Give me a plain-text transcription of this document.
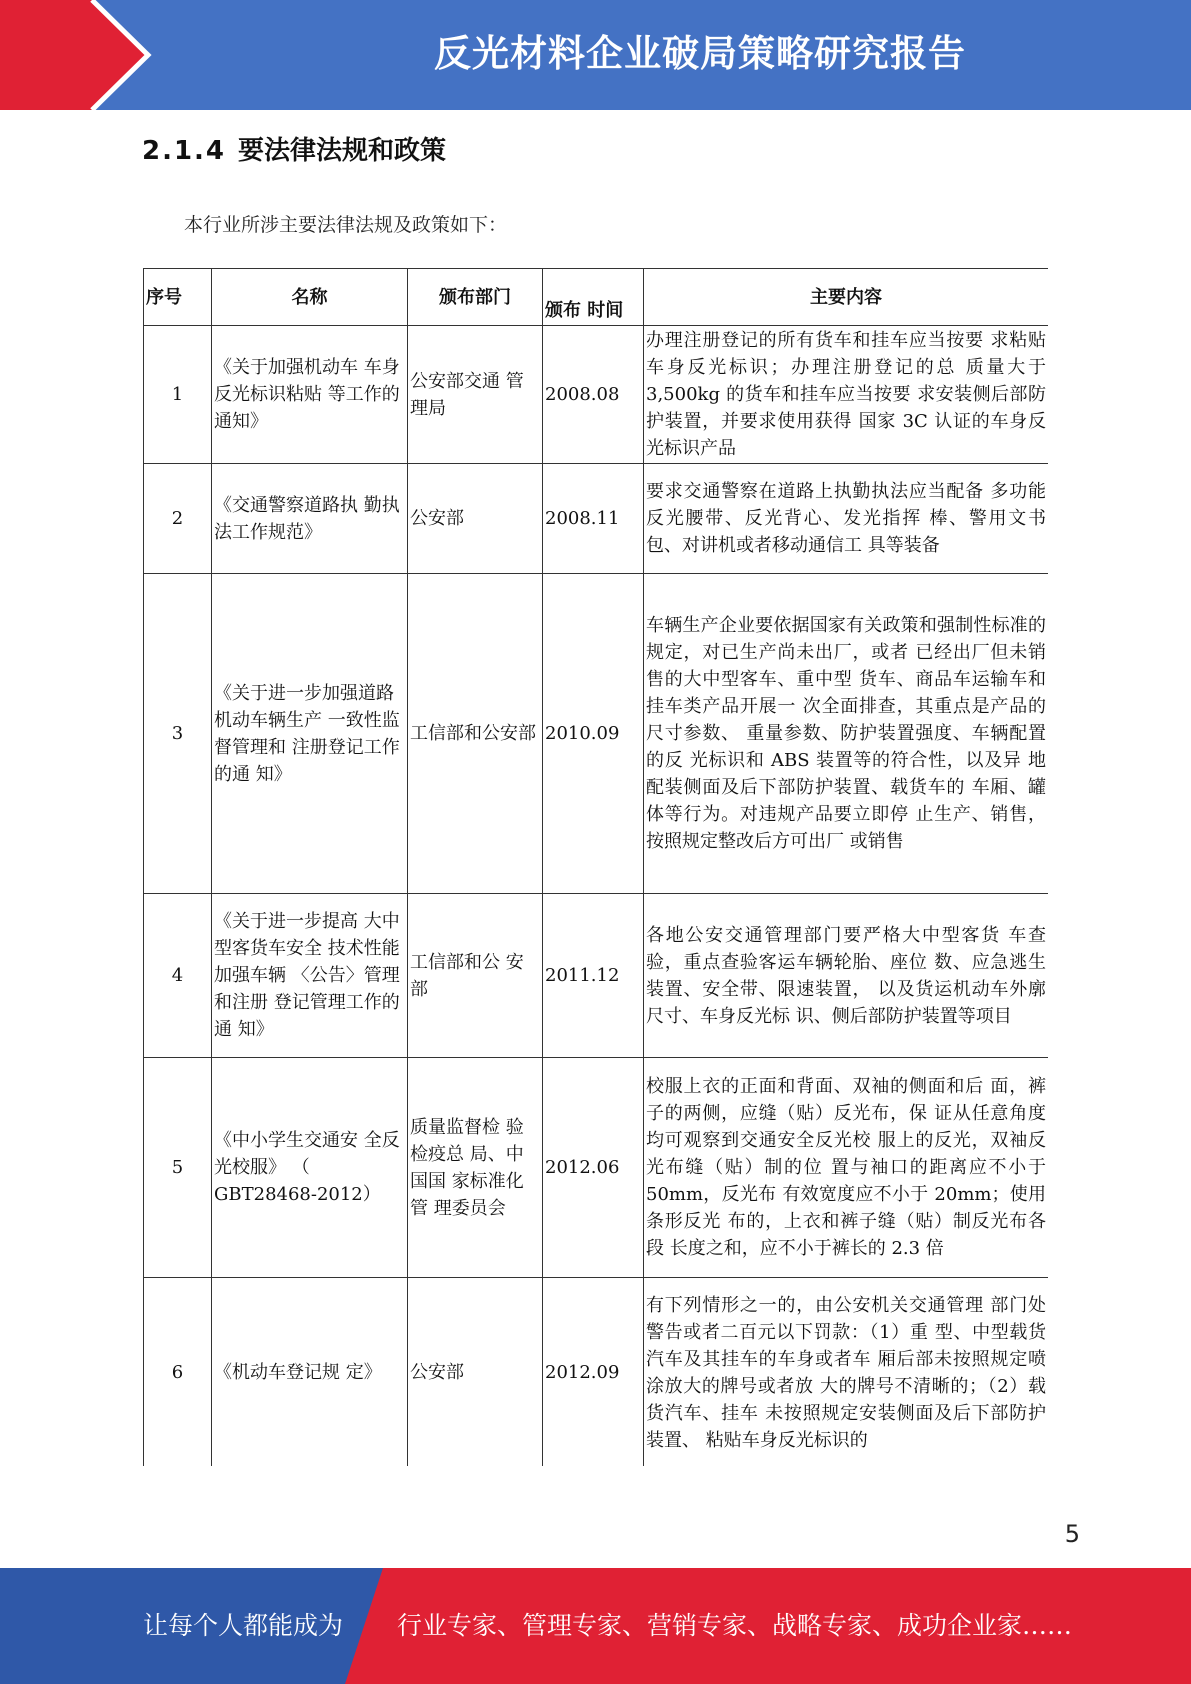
反光材料企业破局策略研究报告
2.1.4 要法律法规和政策
本行业所涉主要法律法规及政策如下：
序号	名称	颁布部门	颁布 时间	主要内容
1	《关于加强机动车 车身反光标识粘贴 等工作的通知》	公安部交通 管理局	2008.08	办理注册登记的所有货车和挂车应当按要 求粘贴车身反光标识；办理注册登记的总 质量大于 3,500kg 的货车和挂车应当按要 求安装侧后部防护装置，并要求使用获得 国家 3C 认证的车身反光标识产品
2	《交通警察道路执 勤执法工作规范》	公安部	2008.11	要求交通警察在道路上执勤执法应当配备 多功能反光腰带、反光背心、发光指挥 棒、警用文书包、对讲机或者移动通信工 具等装备
3	《关于进一步加强道路机动车辆生产 一致性监督管理和 注册登记工作的通 知》	工信部和公安部	2010.09	车辆生产企业要依据国家有关政策和强制性标准的规定，对已生产尚未出厂，或者 已经出厂但未销售的大中型客车、重中型 货车、商品车运输车和挂车类产品开展一 次全面排查，其重点是产品的尺寸参数、 重量参数、防护装置强度、车辆配置的反 光标识和 ABS 装置等的符合性，以及异 地配装侧面及后下部防护装置、载货车的 车厢、罐体等行为。对违规产品要立即停 止生产、销售，按照规定整改后方可出厂 或销售
4	《关于进一步提高 大中型客货车安全 技术性能加强车辆 〈公告〉管理和注册 登记管理工作的通 知》	工信部和公 安部	2011.12	各地公安交通管理部门要严格大中型客货 车查验，重点查验客运车辆轮胎、座位 数、应急逃生装置、安全带、限速装置， 以及货运机动车外廓尺寸、车身反光标 识、侧后部防护装置等项目
5	《中小学生交通安 全反光校服》 （ GBT28468-2012）	质量监督检 验检疫总 局、中国国 家标准化管 理委员会	2012.06	校服上衣的正面和背面、双袖的侧面和后 面，裤子的两侧，应缝（贴）反光布，保 证从任意角度均可观察到交通安全反光校 服上的反光，双袖反光布缝（贴）制的位 置与袖口的距离应不小于 50mm，反光布 有效宽度应不小于 20mm；使用条形反光 布的，上衣和裤子缝（贴）制反光布各段 长度之和，应不小于裤长的 2.3 倍
6	《机动车登记规 定》	公安部	2012.09	有下列情形之一的，由公安机关交通管理 部门处警告或者二百元以下罚款：（1）重 型、中型载货汽车及其挂车的车身或者车 厢后部未按照规定喷涂放大的牌号或者放 大的牌号不清晰的；（2）载货汽车、挂车 未按照规定安装侧面及后下部防护装置、 粘贴车身反光标识的
5
让每个人都能成为 行业专家、管理专家、营销专家、战略专家、成功企业家……
